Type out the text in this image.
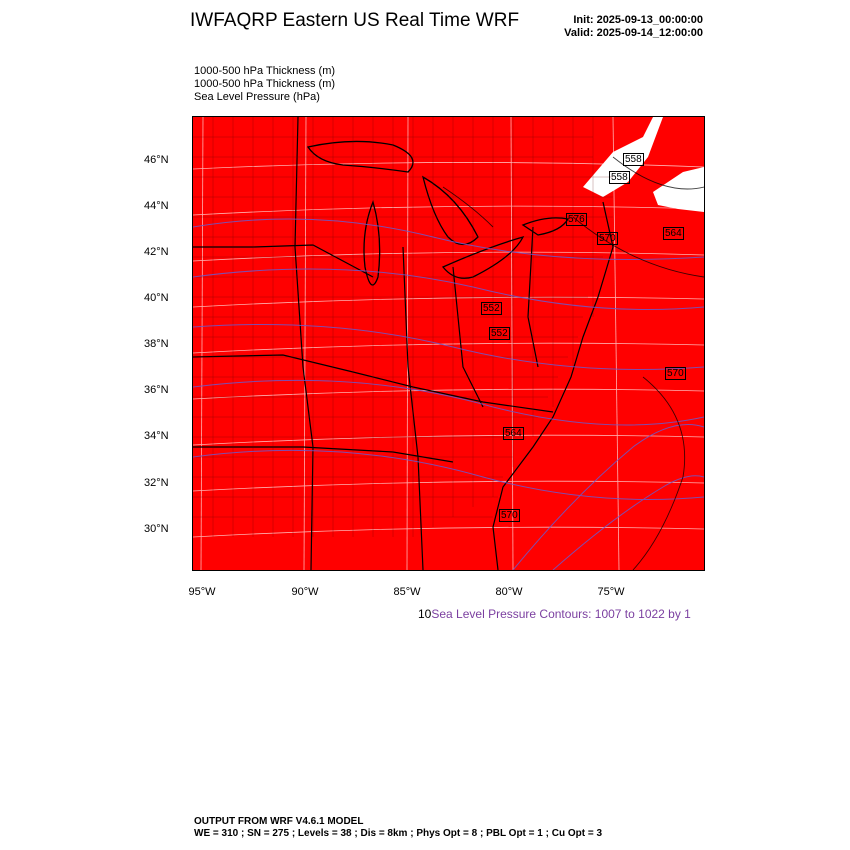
IWFAQRP Eastern US Real Time WRF	Init: 2025-09-13_00:00:00
Valid: 2025-09-14_12:00:00
1000-500 hPa Thickness (m)
1000-500 hPa Thickness (m)
Sea Level Pressure (hPa)
558
558
576
570	564
570
552
552
564
570
46°N
44°N
42°N
40°N
38°N
36°N
34°N
32°N
30°N
95°W	90°W	85°W	80°W	75°W
10Sea Level Pressure Contours: 1007 to 1022 by 1
OUTPUT FROM WRF V4.6.1 MODEL
WE = 310 ; SN = 275 ; Levels = 38 ; Dis = 8km ; Phys Opt = 8 ; PBL Opt = 1 ; Cu Opt = 3
